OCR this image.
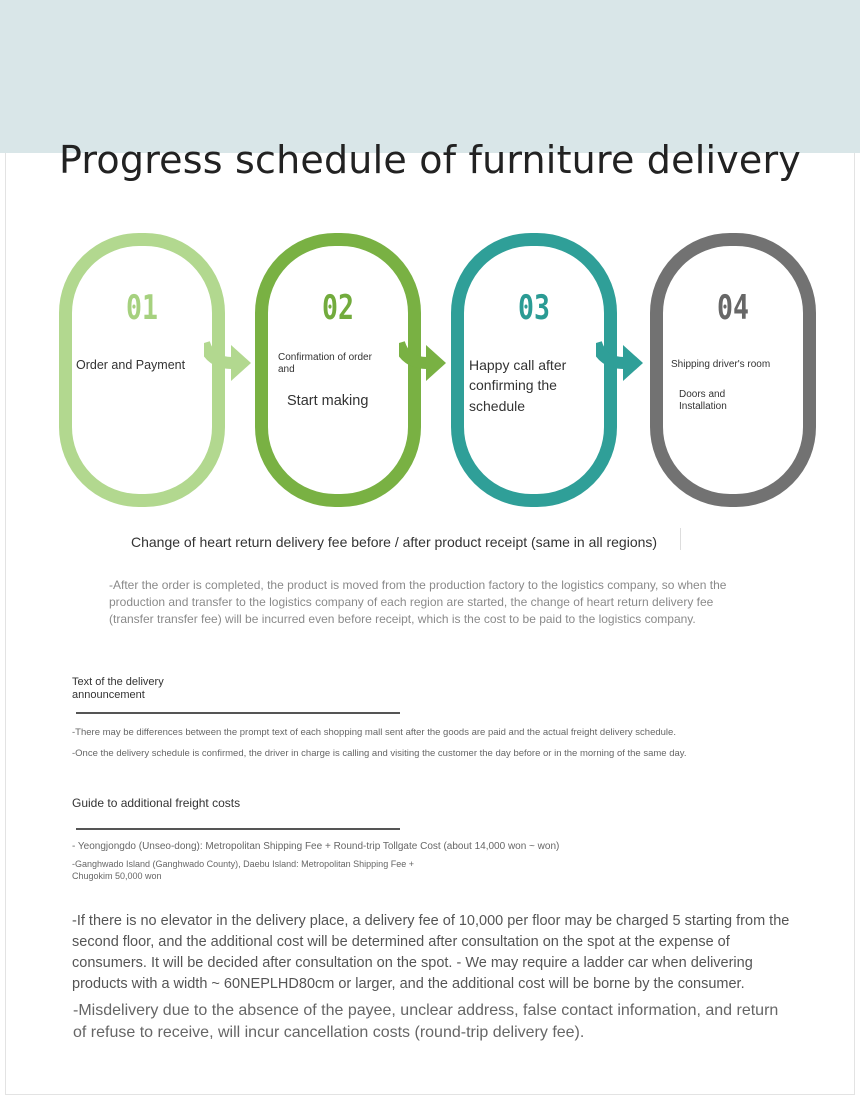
Progress schedule of furniture delivery
01
Order and Payment
02
Confirmation of order and
Start making
03
Happy call after confirming the schedule
04
Shipping driver's room
Doors and Installation
Change of heart return delivery fee before / after product receipt (same in all regions)
-After the order is completed, the product is moved from the production factory to the logistics company, so when the production and transfer to the logistics company of each region are started, the change of heart return delivery fee (transfer transfer fee) will be incurred even before receipt, which is the cost to be paid to the logistics company.
Text of the delivery announcement
-There may be differences between the prompt text of each shopping mall sent after the goods are paid and the actual freight delivery schedule.
-Once the delivery schedule is confirmed, the driver in charge is calling and visiting the customer the day before or in the morning of the same day.
Guide to additional freight costs
- Yeongjongdo (Unseo-dong): Metropolitan Shipping Fee + Round-trip Tollgate Cost (about 14,000 won ~ won)
-Ganghwado Island (Ganghwado County), Daebu Island: Metropolitan Shipping Fee + Chugokim 50,000 won
-If there is no elevator in the delivery place, a delivery fee of 10,000 per floor may be charged 5 starting from the second floor, and the additional cost will be determined after consultation on the spot at the expense of consumers. It will be decided after consultation on the spot. - We may require a ladder car when delivering products with a width ~ 60NEPLHD80cm or larger, and the additional cost will be borne by the consumer.
-Misdelivery due to the absence of the payee, unclear address, false contact information, and return of refuse to receive, will incur cancellation costs (round-trip delivery fee).
